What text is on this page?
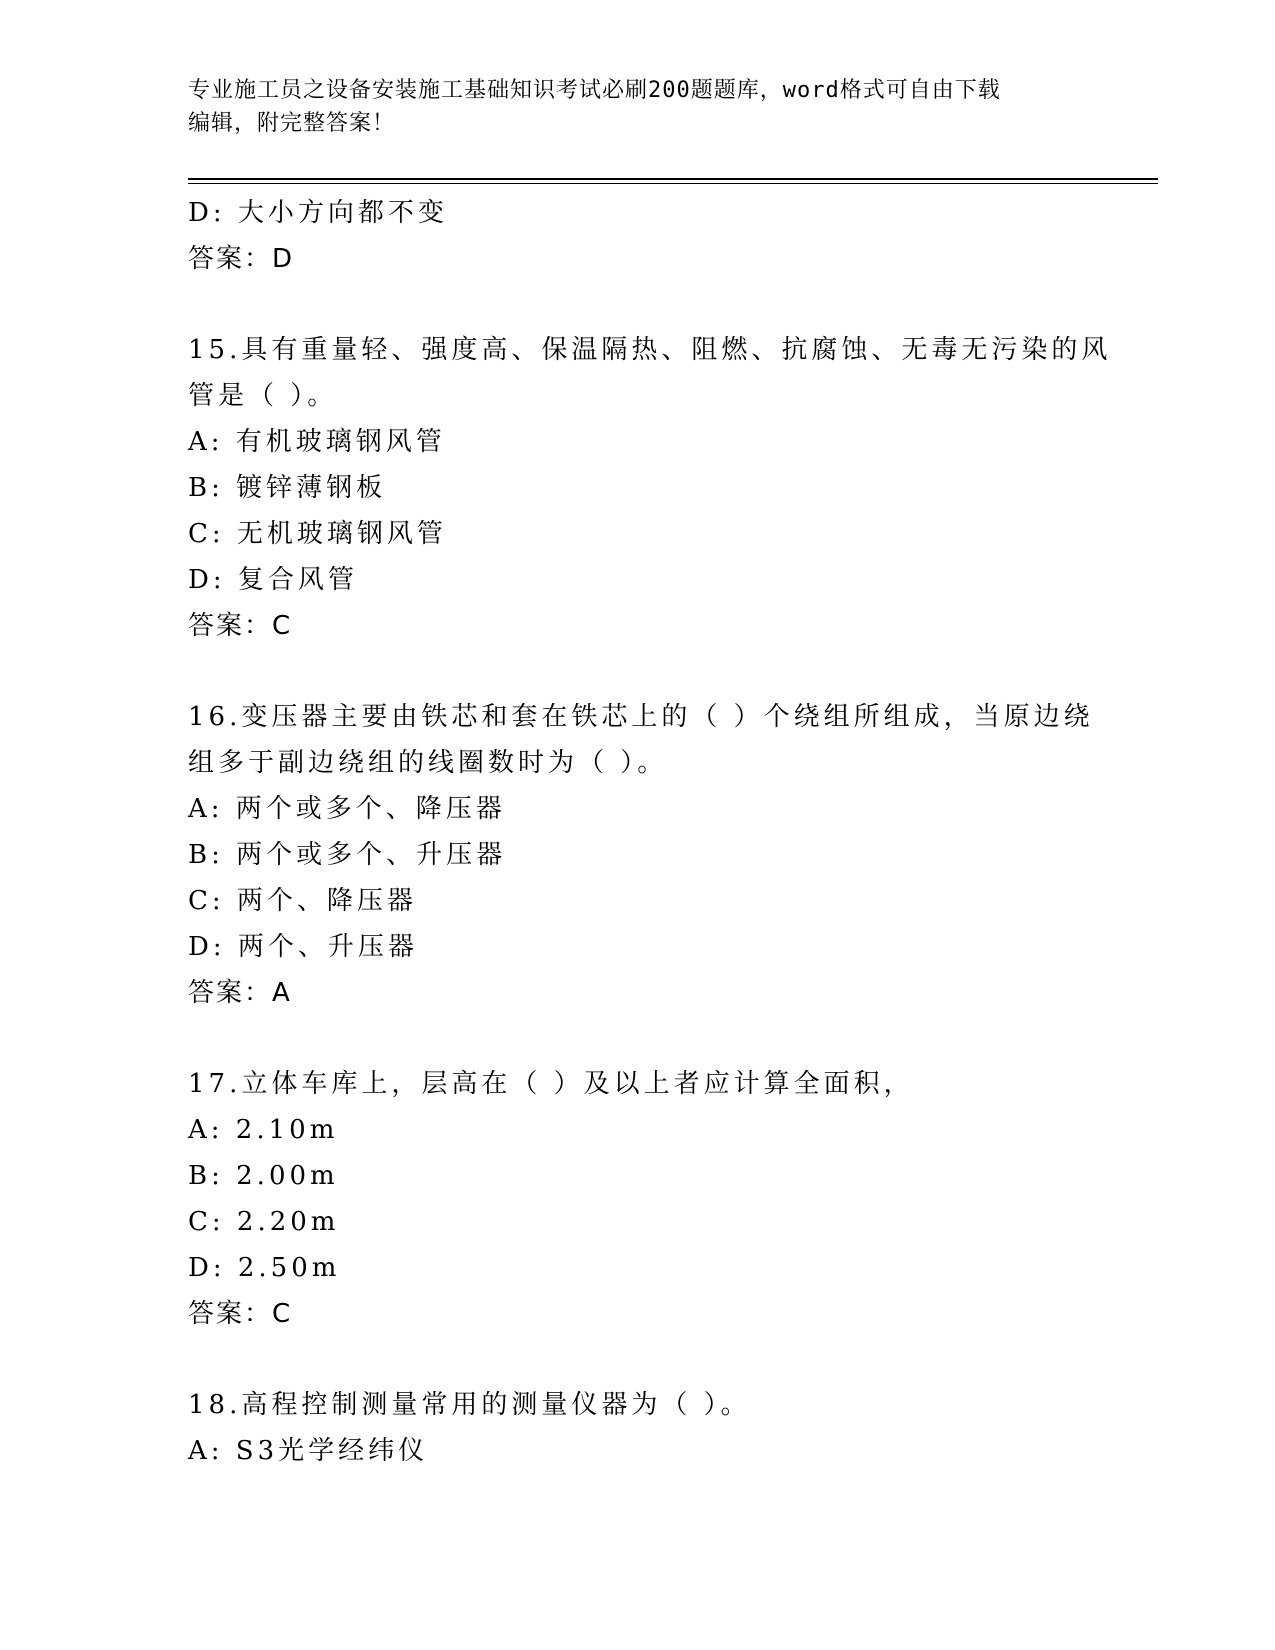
专业施工员之设备安装施工基础知识考试必刷200题题库，word格式可自由下载
编辑，附完整答案！
D: 大小方向都不变
答案：D
15.具有重量轻、强度高、保温隔热、阻燃、抗腐蚀、无毒无污染的风
管是（ ）。
A: 有机玻璃钢风管
B: 镀锌薄钢板
C: 无机玻璃钢风管
D: 复合风管
答案：C
16.变压器主要由铁芯和套在铁芯上的（ ）个绕组所组成，当原边绕
组多于副边绕组的线圈数时为（ ）。
A: 两个或多个、降压器
B: 两个或多个、升压器
C: 两个、降压器
D: 两个、升压器
答案：A
17.立体车库上，层高在（ ）及以上者应计算全面积，
A: 2.10m
B: 2.00m
C: 2.20m
D: 2.50m
答案：C
18.高程控制测量常用的测量仪器为（ ）。
A: S3光学经纬仪
